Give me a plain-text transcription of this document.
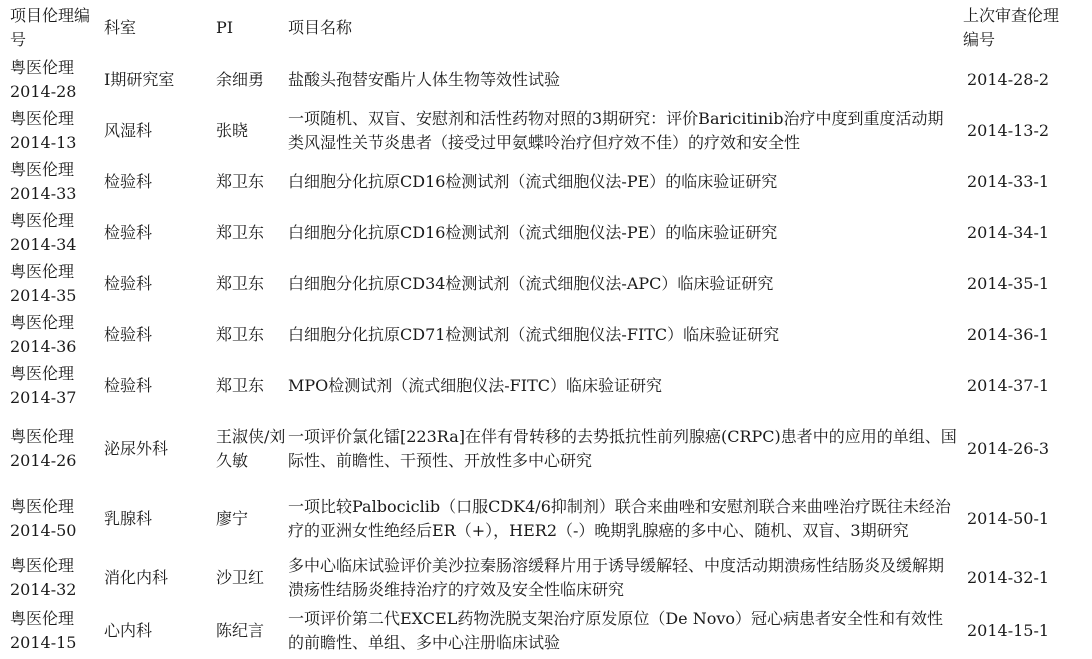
项目伦理编号	科室	PI	项目名称	上次审查伦理编号
粤医伦理2014-28	I期研究室	余细勇	盐酸头孢替安酯片人体生物等效性试验	2014-28-2
粤医伦理2014-13	风湿科	张晓	一项随机、双盲、安慰剂和活性药物对照的3期研究：评价Baricitinib治疗中度到重度活动期类风湿性关节炎患者（接受过甲氨蝶呤治疗但疗效不佳）的疗效和安全性	2014-13-2
粤医伦理2014-33	检验科	郑卫东	白细胞分化抗原CD16检测试剂（流式细胞仪法-PE）的临床验证研究	2014-33-1
粤医伦理2014-34	检验科	郑卫东	白细胞分化抗原CD16检测试剂（流式细胞仪法-PE）的临床验证研究	2014-34-1
粤医伦理2014-35	检验科	郑卫东	白细胞分化抗原CD34检测试剂（流式细胞仪法-APC）临床验证研究	2014-35-1
粤医伦理2014-36	检验科	郑卫东	白细胞分化抗原CD71检测试剂（流式细胞仪法-FITC）临床验证研究	2014-36-1
粤医伦理2014-37	检验科	郑卫东	MPO检测试剂（流式细胞仪法-FITC）临床验证研究	2014-37-1
粤医伦理2014-26	泌尿外科	王淑侠/刘久敏	一项评价氯化镭[223Ra]在伴有骨转移的去势抵抗性前列腺癌(CRPC)患者中的应用的单组、国际性、前瞻性、干预性、开放性多中心研究	2014-26-3
粤医伦理2014-50	乳腺科	廖宁	一项比较Palbociclib（口服CDK4/6抑制剂）联合来曲唑和安慰剂联合来曲唑治疗既往未经治疗的亚洲女性绝经后ER（+），HER2（-）晚期乳腺癌的多中心、随机、双盲、3期研究	2014-50-1
粤医伦理2014-32	消化内科	沙卫红	多中心临床试验评价美沙拉秦肠溶缓释片用于诱导缓解轻、中度活动期溃疡性结肠炎及缓解期溃疡性结肠炎维持治疗的疗效及安全性临床研究	2014-32-1
粤医伦理2014-15	心内科	陈纪言	一项评价第二代EXCEL药物洗脱支架治疗原发原位（De Novo）冠心病患者安全性和有效性的前瞻性、单组、多中心注册临床试验	2014-15-1
